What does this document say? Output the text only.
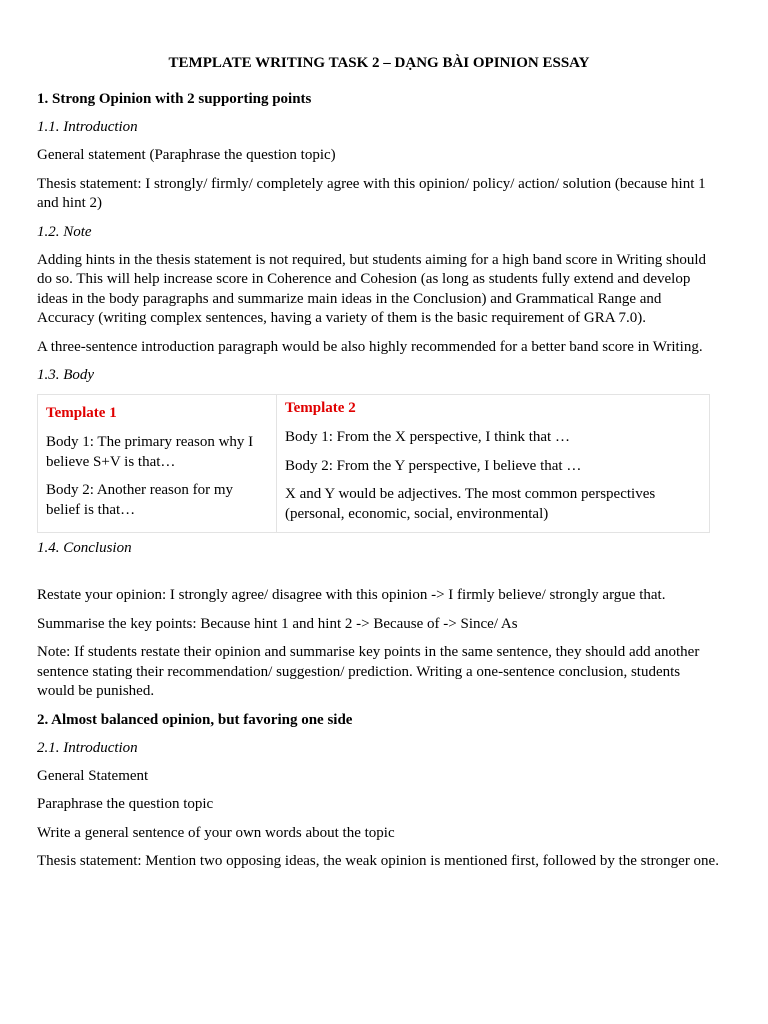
TEMPLATE WRITING TASK 2 – DẠNG BÀI OPINION ESSAY
1. Strong Opinion with 2 supporting points
1.1. Introduction

General statement (Paraphrase the question topic)

Thesis statement: I strongly/ firmly/ completely agree with this opinion/ policy/ action/ solution (because hint 1 and hint 2)

1.2. Note

Adding hints in the thesis statement is not required, but students aiming for a high band score in Writing should do so. This will help increase score in Coherence and Cohesion (as long as students fully extend and develop ideas in the body paragraphs and summarize main ideas in the Conclusion) and Grammatical Range and Accuracy (writing complex sentences, having a variety of them is the basic requirement of GRA 7.0).

A three-sentence introduction paragraph would be also highly recommended for a better band score in Writing.

1.3. Body
Template 1
Body 1: The primary reason why I believe S+V is that…
Body 2: Another reason for my belief is that…

Template 2
Body 1: From the X perspective, I think that …
Body 2: From the Y perspective, I believe that …
X and Y would be adjectives. The most common perspectives (personal, economic, social, environmental)
1.4. Conclusion

Restate your opinion: I strongly agree/ disagree with this opinion -> I firmly believe/ strongly argue that.

Summarise the key points: Because hint 1 and hint 2 -> Because of -> Since/ As

Note: If students restate their opinion and summarise key points in the same sentence, they should add another sentence stating their recommendation/ suggestion/ prediction. Writing a one-sentence conclusion, students would be punished.

2. Almost balanced opinion, but favoring one side
2.1. Introduction

General Statement

Paraphrase the question topic

Write a general sentence of your own words about the topic

Thesis statement: Mention two opposing ideas, the weak opinion is mentioned first, followed by the stronger one.
